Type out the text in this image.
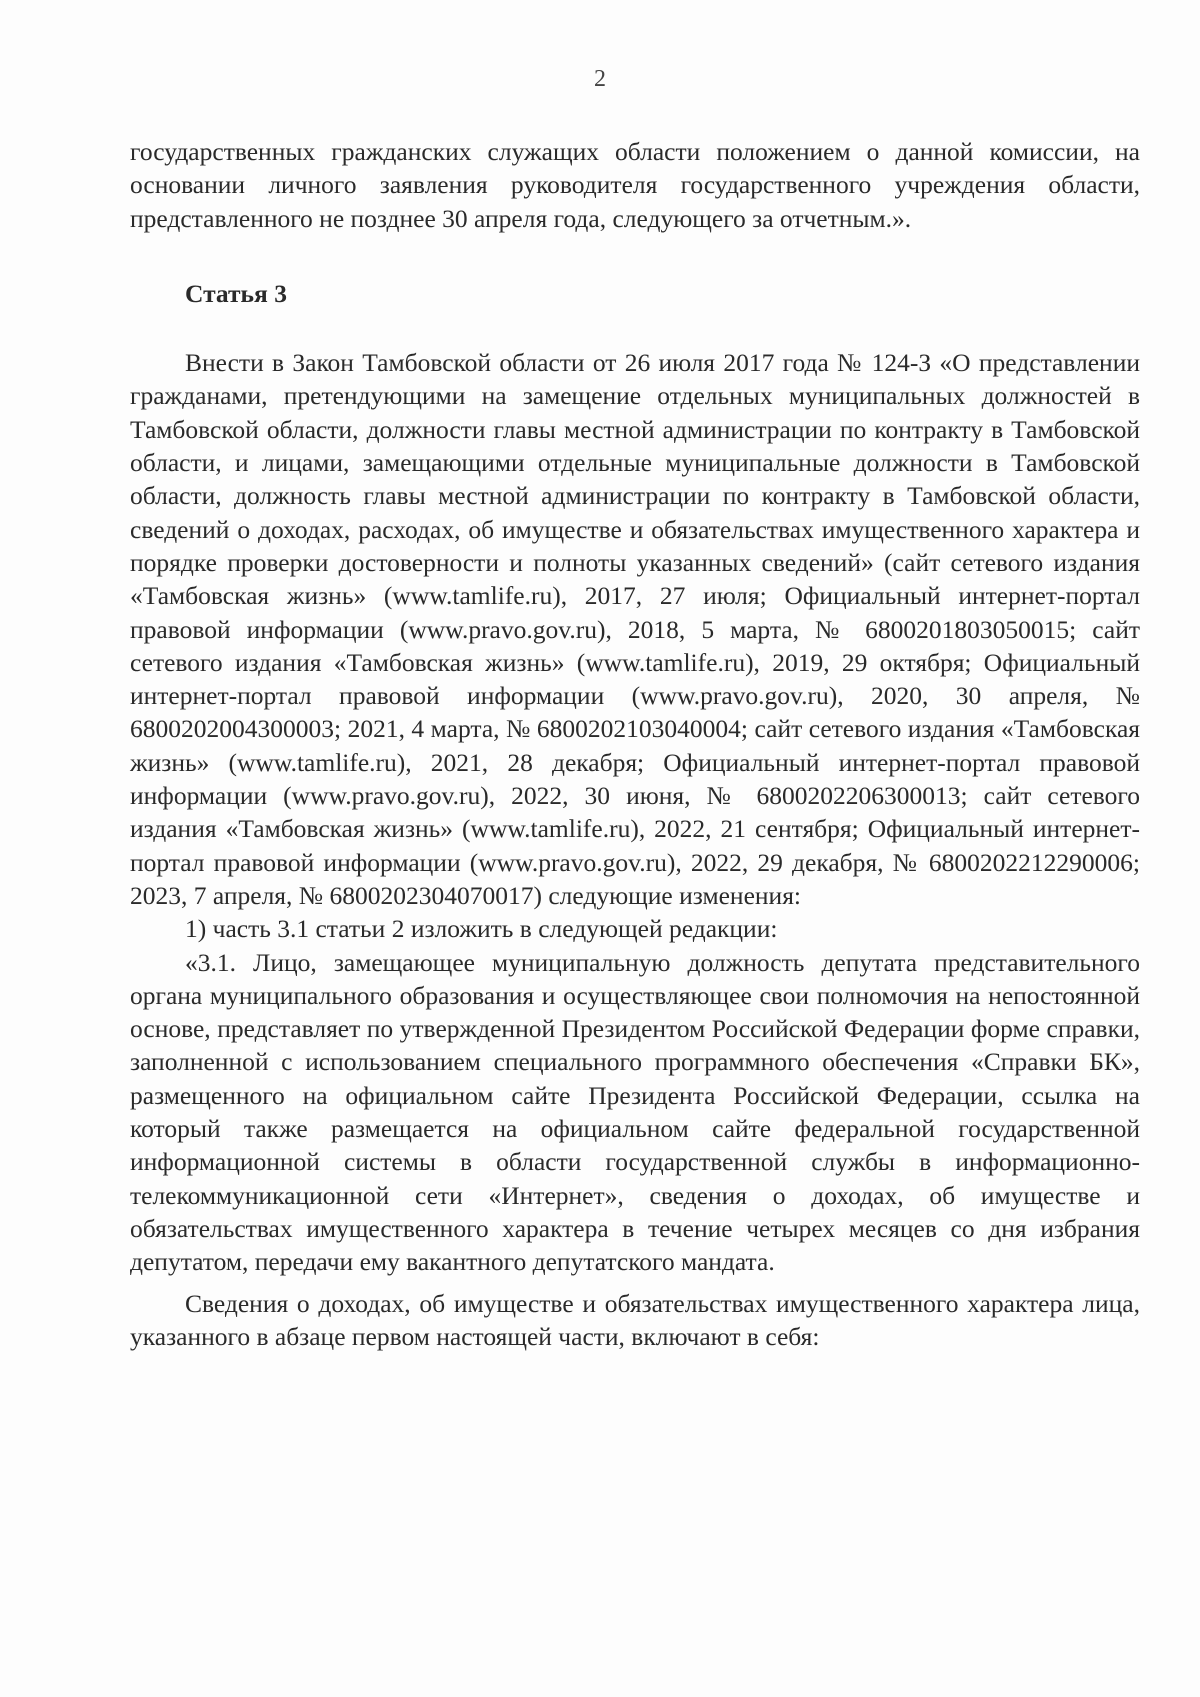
2

государственных гражданских служащих области положением о данной комиссии, на основании личного заявления руководителя государственного учреждения области, представленного не позднее 30 апреля года, следующего за отчетным.».

Статья 3

Внести в Закон Тамбовской области от 26 июля 2017 года № 124-З «О представлении гражданами, претендующими на замещение отдельных муниципальных должностей в Тамбовской области, должности главы местной администрации по контракту в Тамбовской области, и лицами, замещающими отдельные муниципальные должности в Тамбовской области, должность главы местной администрации по контракту в Тамбовской области, сведений о доходах, расходах, об имуществе и обязательствах имущественного характера и порядке проверки достоверности и полноты указанных сведений» (сайт сетевого издания «Тамбовская жизнь» (www.tamlife.ru), 2017, 27 июля; Официальный интернет-портал правовой информации (www.pravo.gov.ru), 2018, 5 марта, № 6800201803050015; сайт сетевого издания «Тамбовская жизнь» (www.tamlife.ru), 2019, 29 октября; Официальный интернет-портал правовой информации (www.pravo.gov.ru), 2020, 30 апреля, № 6800202004300003; 2021, 4 марта, № 6800202103040004; сайт сетевого издания «Тамбовская жизнь» (www.tamlife.ru), 2021, 28 декабря; Официальный интернет-портал правовой информации (www.pravo.gov.ru), 2022, 30 июня, № 6800202206300013; сайт сетевого издания «Тамбовская жизнь» (www.tamlife.ru), 2022, 21 сентября; Официальный интернет-портал правовой информации (www.pravo.gov.ru), 2022, 29 декабря, № 6800202212290006; 2023, 7 апреля, № 6800202304070017) следующие изменения:

1) часть 3.1 статьи 2 изложить в следующей редакции:

«3.1. Лицо, замещающее муниципальную должность депутата представительного органа муниципального образования и осуществляющее свои полномочия на непостоянной основе, представляет по утвержденной Президентом Российской Федерации форме справки, заполненной с использованием специального программного обеспечения «Справки БК», размещенного на официальном сайте Президента Российской Федерации, ссылка на который также размещается на официальном сайте федеральной государственной информационной системы в области государственной службы в информационно-телекоммуникационной сети «Интернет», сведения о доходах, об имуществе и обязательствах имущественного характера в течение четырех месяцев со дня избрания депутатом, передачи ему вакантного депутатского мандата.

Сведения о доходах, об имуществе и обязательствах имущественного характера лица, указанного в абзаце первом настоящей части, включают в себя:
